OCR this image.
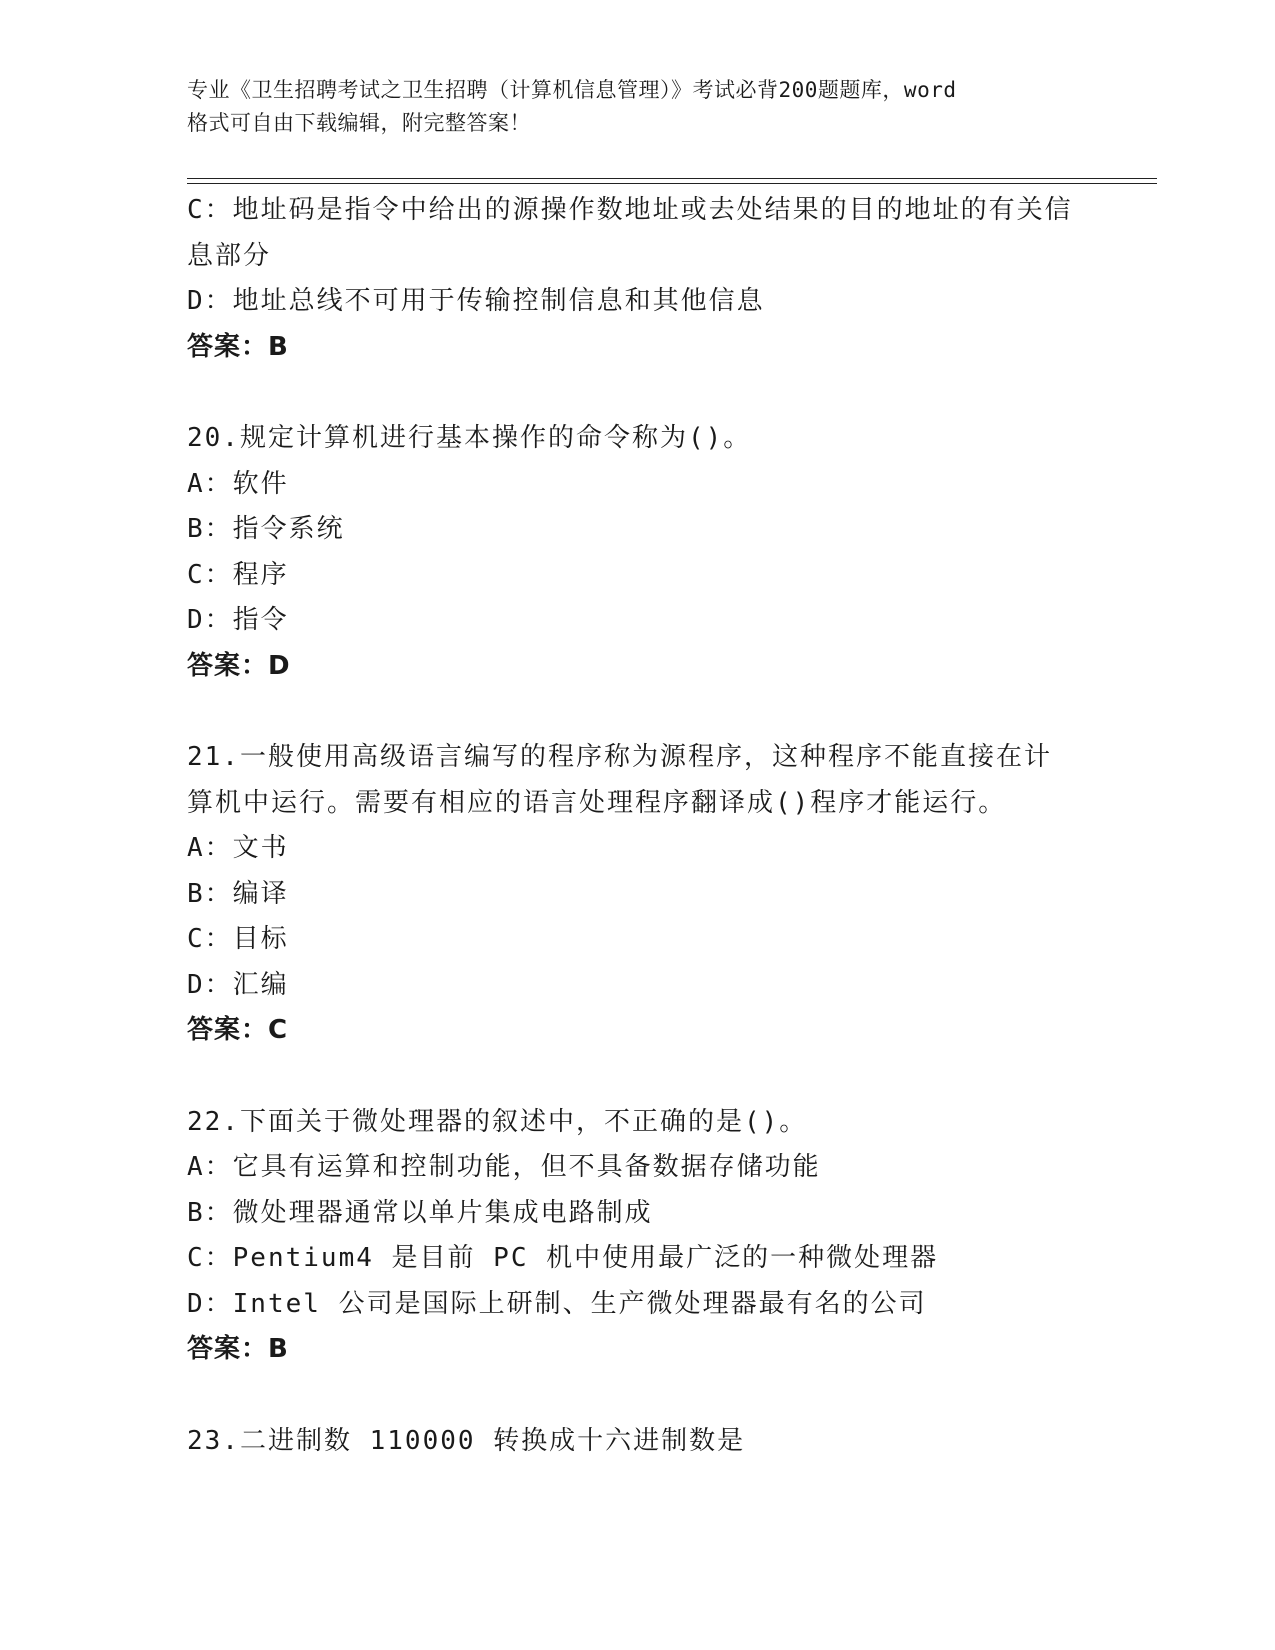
专业《卫生招聘考试之卫生招聘（计算机信息管理）》考试必背200题题库，word
格式可自由下载编辑，附完整答案！
C：地址码是指令中给出的源操作数地址或去处结果的目的地址的有关信息部分
D：地址总线不可用于传输控制信息和其他信息
答案：B
20.规定计算机进行基本操作的命令称为()。
A：软件
B：指令系统
C：程序
D：指令
答案：D
21.一般使用高级语言编写的程序称为源程序，这种程序不能直接在计算机中运行。需要有相应的语言处理程序翻译成()程序才能运行。
A：文书
B：编译
C：目标
D：汇编
答案：C
22.下面关于微处理器的叙述中，不正确的是()。
A：它具有运算和控制功能，但不具备数据存储功能
B：微处理器通常以单片集成电路制成
C：Pentium4 是目前 PC 机中使用最广泛的一种微处理器
D：Intel 公司是国际上研制、生产微处理器最有名的公司
答案：B
23.二进制数 110000 转换成十六进制数是
